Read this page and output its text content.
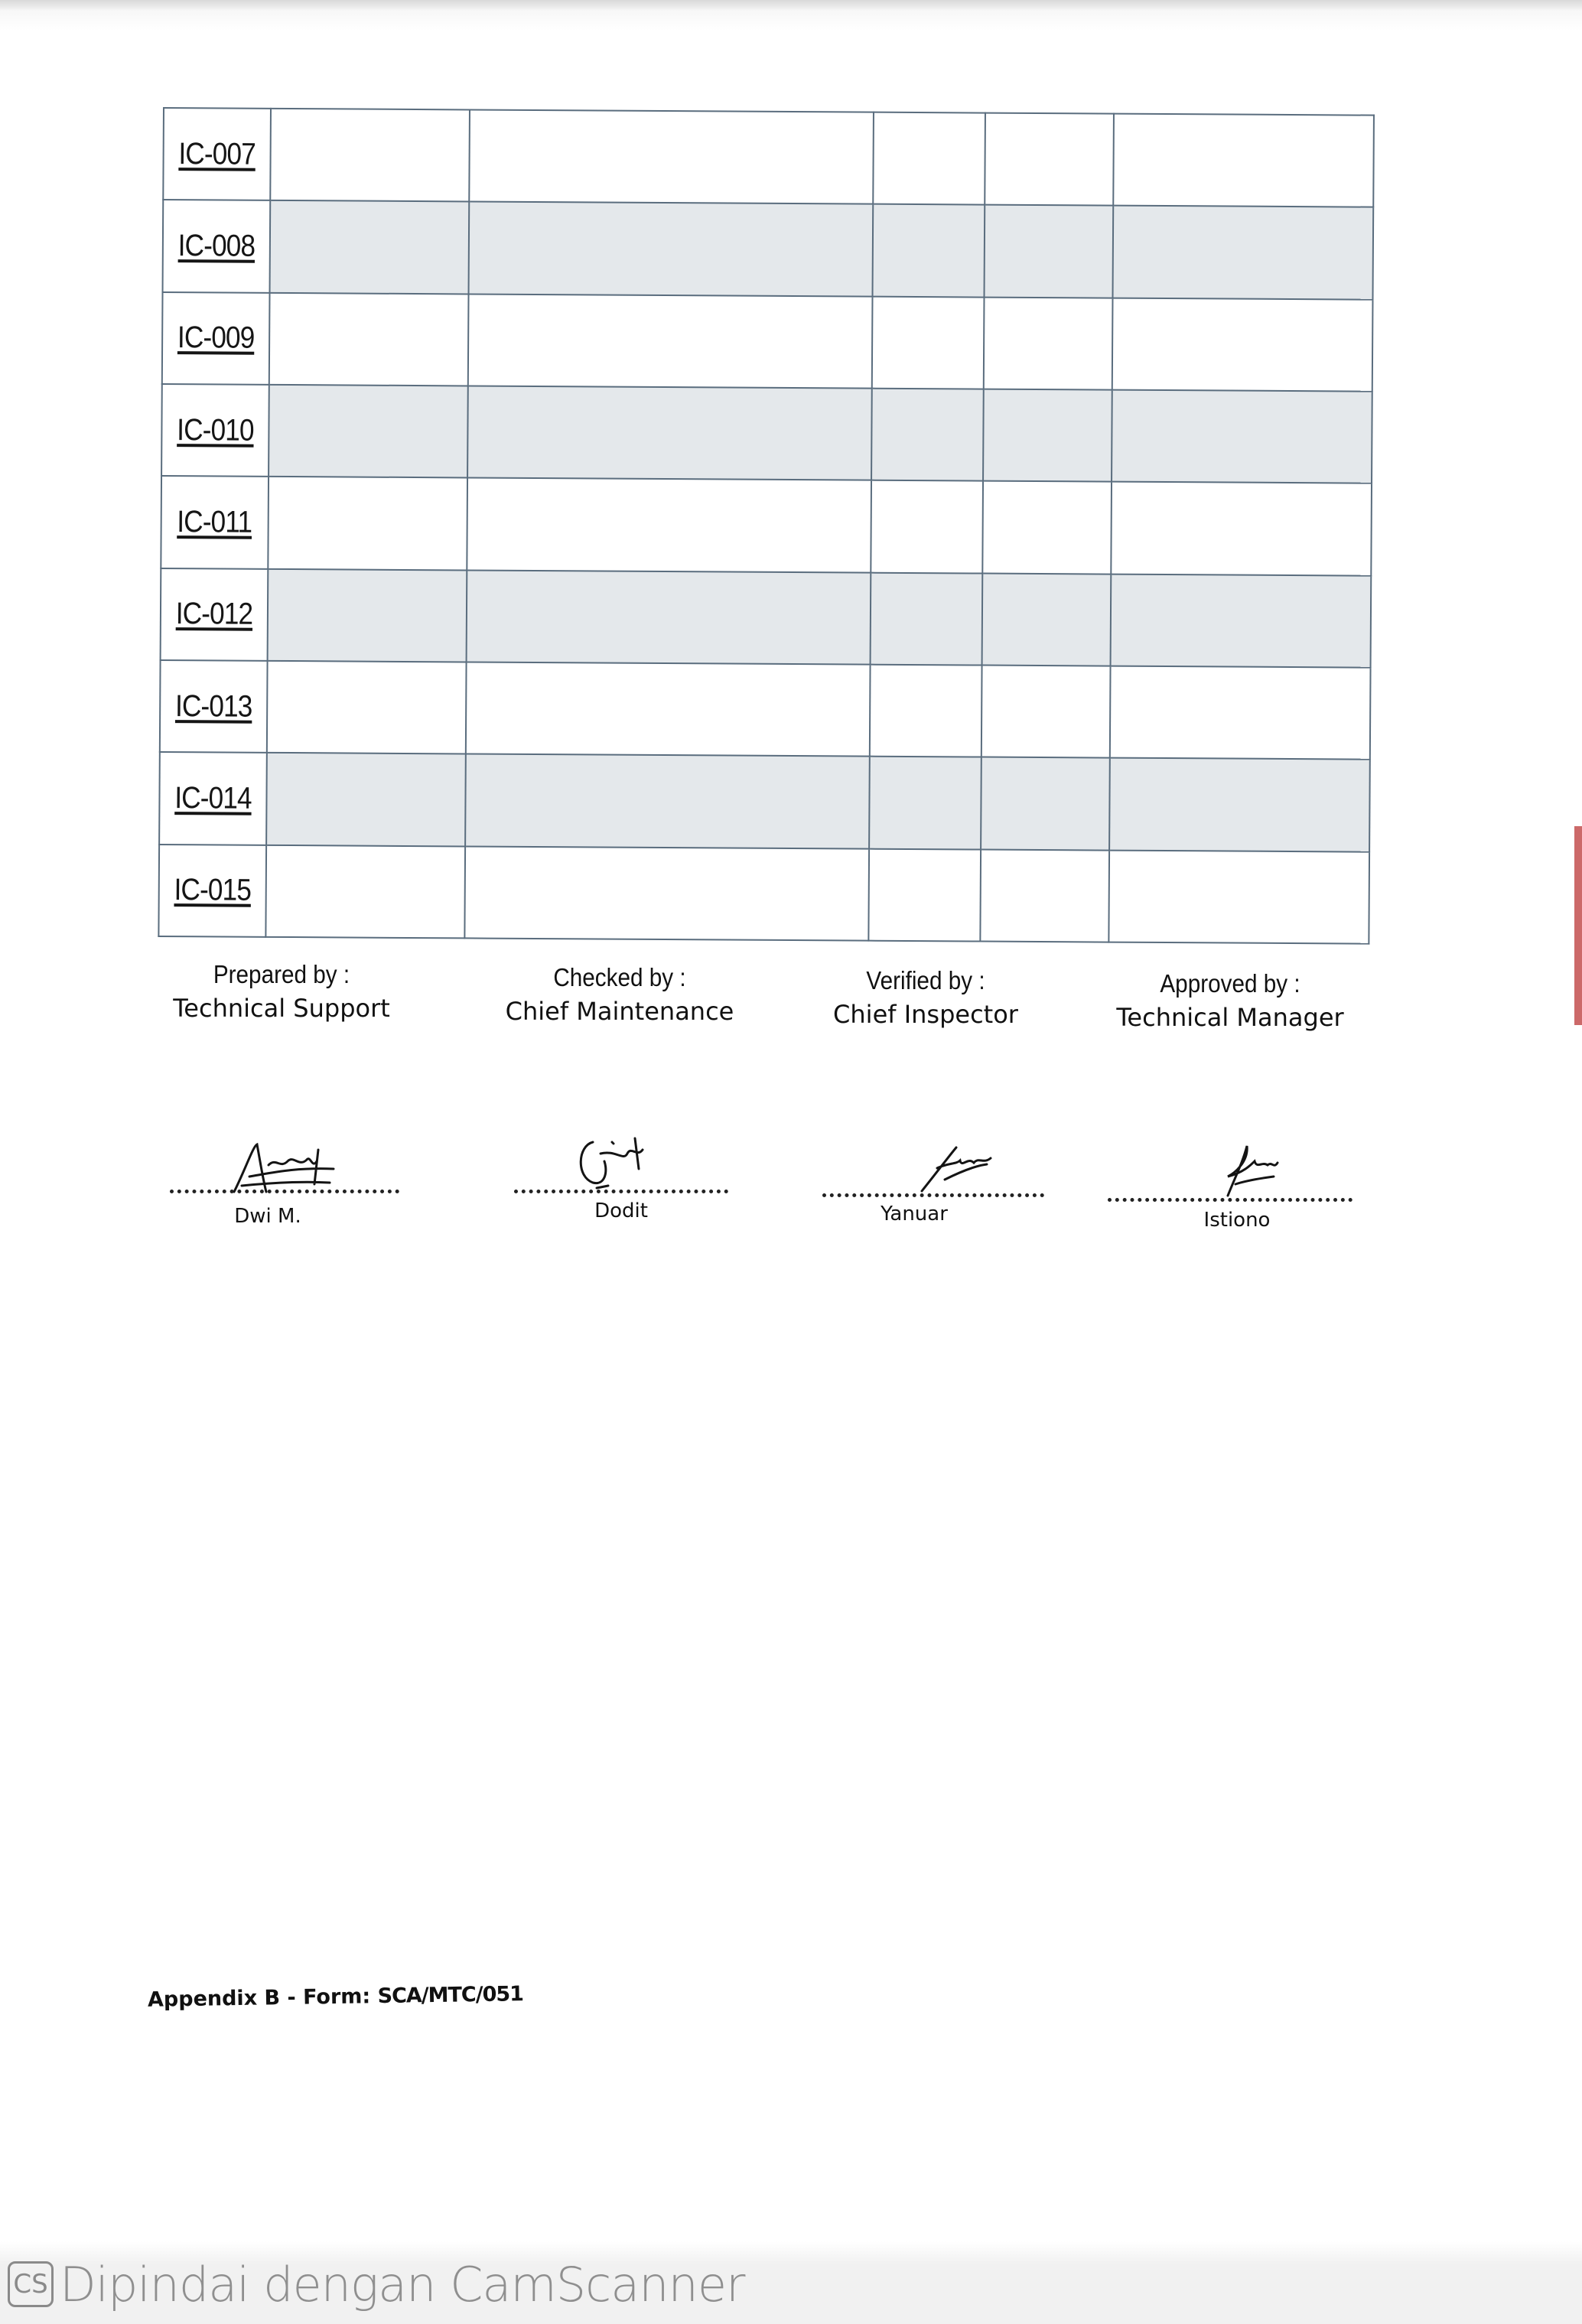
IC-007					
IC-008					
IC-009					
IC-010					
IC-011					
IC-012					
IC-013					
IC-014					
IC-015					
Prepared by :
Technical Support
Dwi M.
Checked by :
Chief Maintenance
Dodit
Verified by :
Chief Inspector
Yanuar
Approved by :
Technical Manager
Istiono
Appendix B - Form: SCA/MTC/051
CS Dipindai dengan CamScanner
